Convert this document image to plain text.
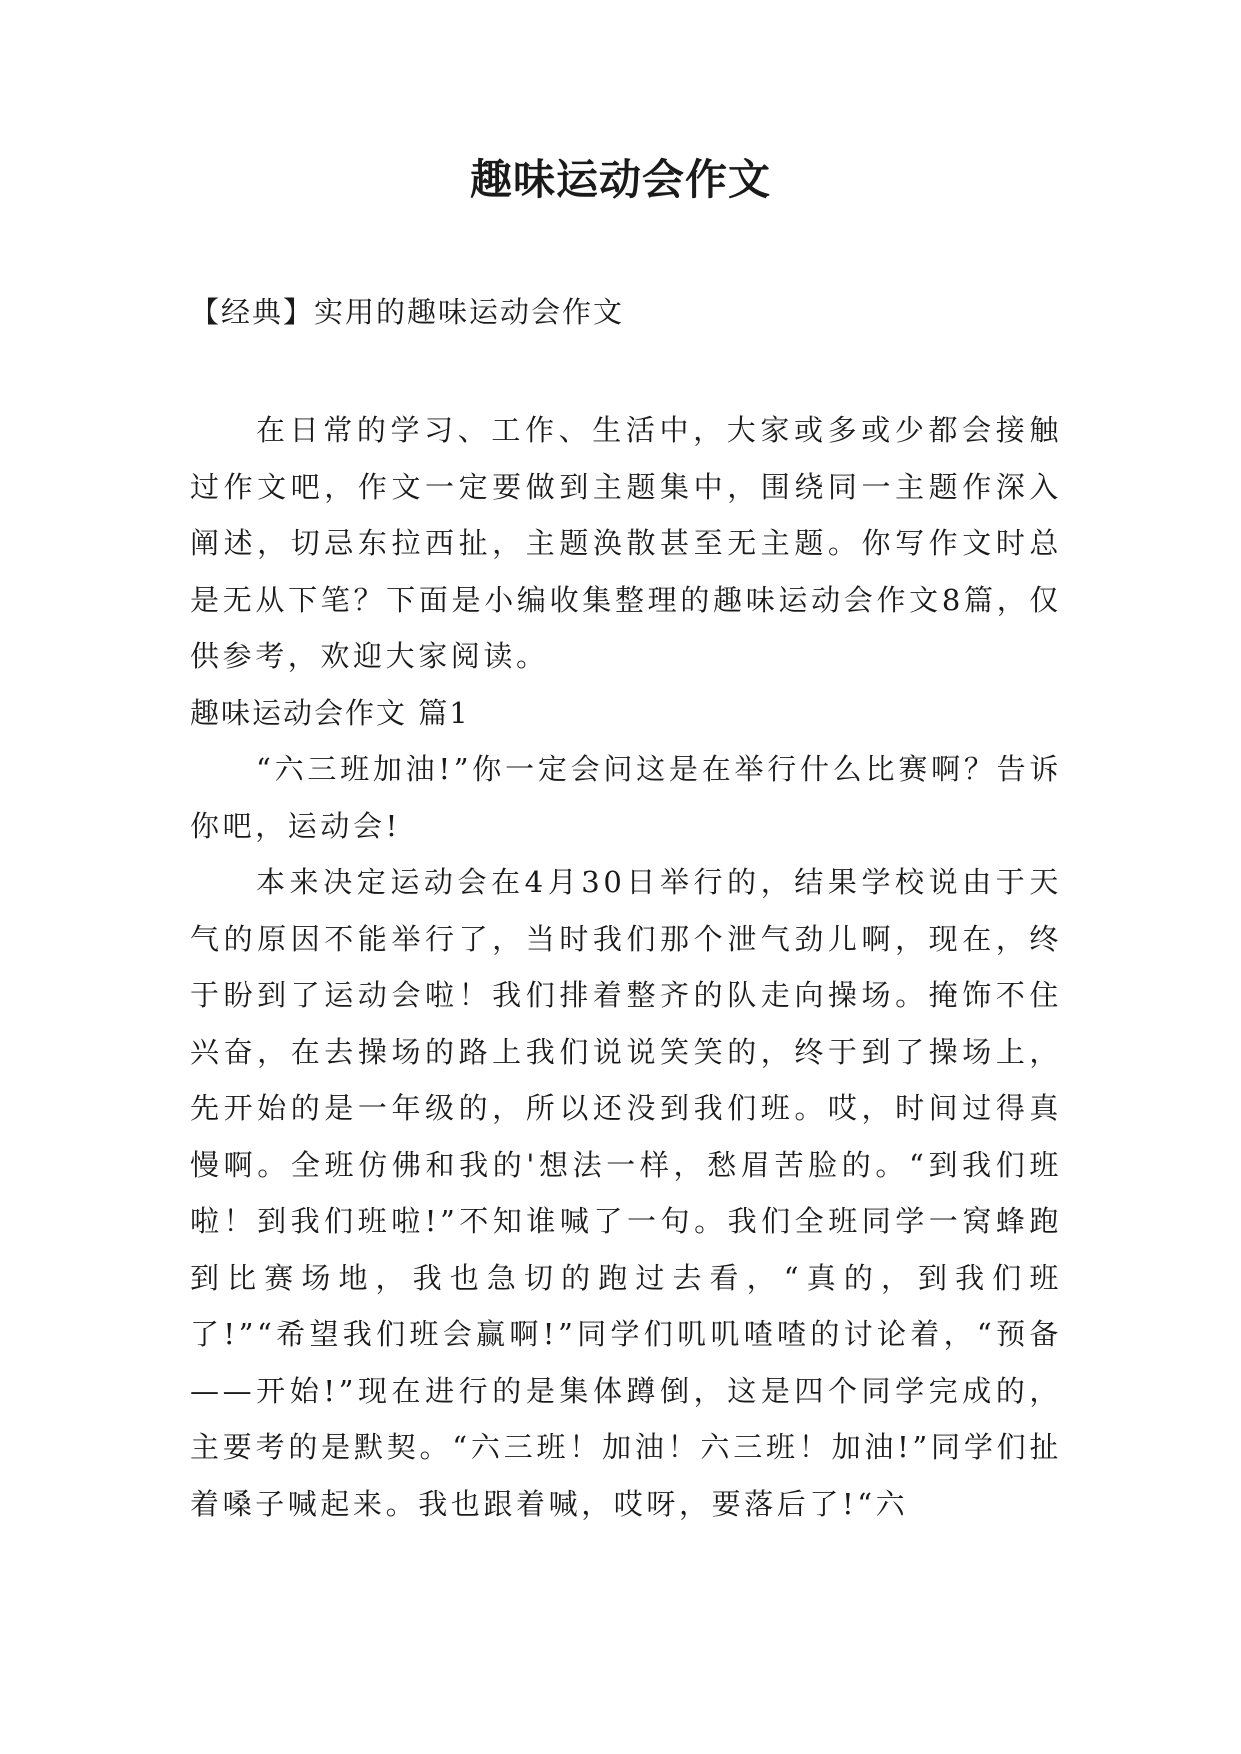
趣味运动会作文
【经典】实用的趣味运动会作文

在日常的学习、工作、生活中，大家或多或少都会接触过作文吧，作文一定要做到主题集中，围绕同一主题作深入阐述，切忌东拉西扯，主题涣散甚至无主题。你写作文时总是无从下笔？下面是小编收集整理的趣味运动会作文8篇，仅供参考，欢迎大家阅读。

趣味运动会作文 篇1

“六三班加油!”你一定会问这是在举行什么比赛啊？告诉你吧，运动会!

本来决定运动会在4月30日举行的，结果学校说由于天气的原因不能举行了，当时我们那个泄气劲儿啊，现在，终于盼到了运动会啦！我们排着整齐的队走向操场。掩饰不住兴奋，在去操场的路上我们说说笑笑的，终于到了操场上，先开始的是一年级的，所以还没到我们班。哎，时间过得真慢啊。全班仿佛和我的'想法一样，愁眉苦脸的。“到我们班啦！到我们班啦!”不知谁喊了一句。我们全班同学一窝蜂跑到比赛场地，我也急切的跑过去看，“真的，到我们班了!”“希望我们班会赢啊!”同学们叽叽喳喳的讨论着，“预备——开始!”现在进行的是集体蹲倒，这是四个同学完成的，主要考的是默契。“六三班！加油！六三班！加油!”同学们扯着嗓子喊起来。我也跟着喊，哎呀，要落后了!“六
